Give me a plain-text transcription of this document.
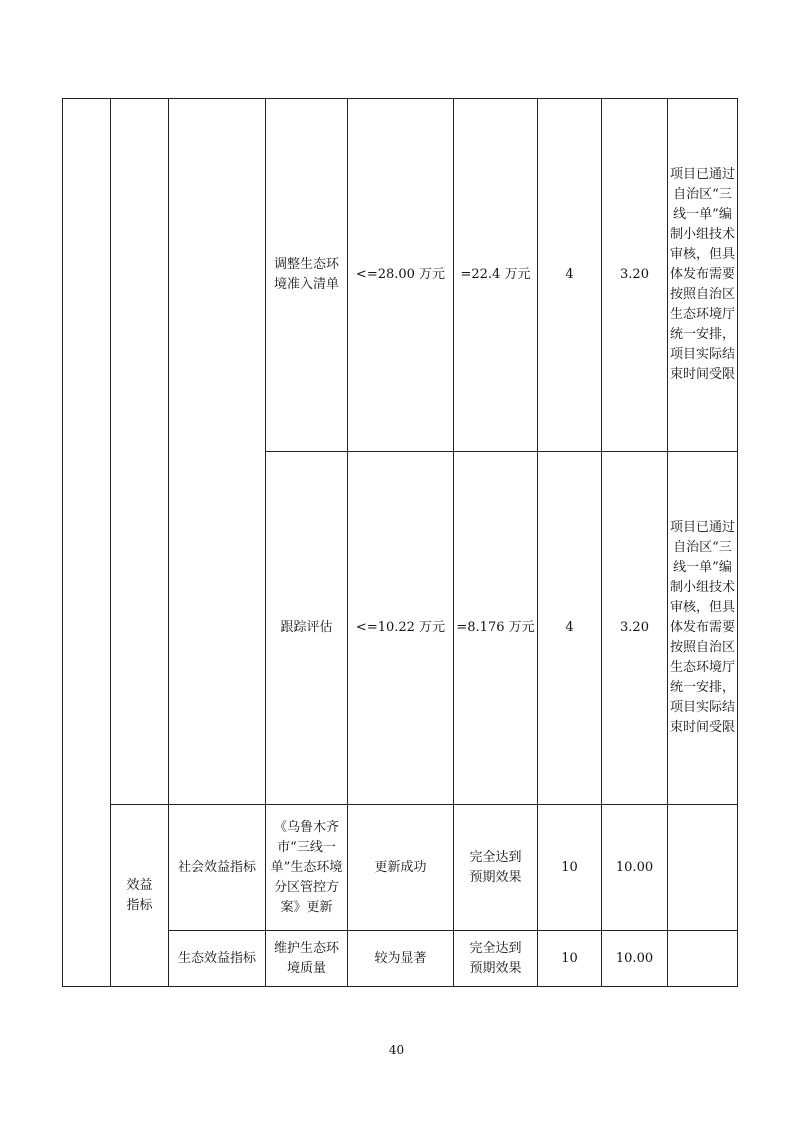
			调整生态环境准入清单	<=28.00 万元	=22.4 万元	4	3.20	项目已通过自治区“三线一单”编制小组技术审核，但具体发布需要按照自治区生态环境厅统一安排，项目实际结束时间受限
			跟踪评估	<=10.22 万元	=8.176 万元	4	3.20	项目已通过自治区“三线一单”编制小组技术审核，但具体发布需要按照自治区生态环境厅统一安排，项目实际结束时间受限
	效益指标	社会效益指标	《乌鲁木齐市“三线一单”生态环境分区管控方案》更新	更新成功	完全达到预期效果	10	10.00	
		生态效益指标	维护生态环境质量	较为显著	完全达到预期效果	10	10.00	
40
